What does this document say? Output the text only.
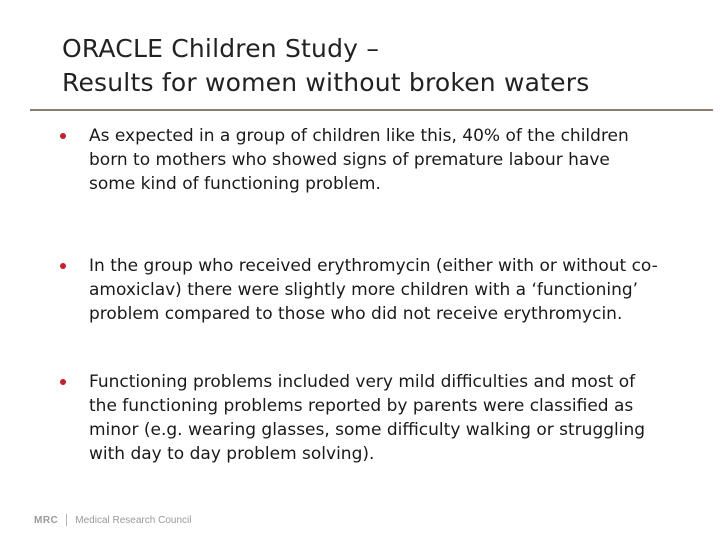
ORACLE Children Study –
Results for women without broken waters
As expected in a group of children like this, 40% of the children born to mothers who showed signs of premature labour have some kind of functioning problem.
In the group who received erythromycin (either with or without co-amoxiclav) there were slightly more children with a ‘functioning’ problem compared to those who did not receive erythromycin.
Functioning problems included very mild difficulties and most of the functioning problems reported by parents were classified as minor (e.g. wearing glasses, some difficulty walking or struggling with day to day problem solving).
MRC Medical Research Council
